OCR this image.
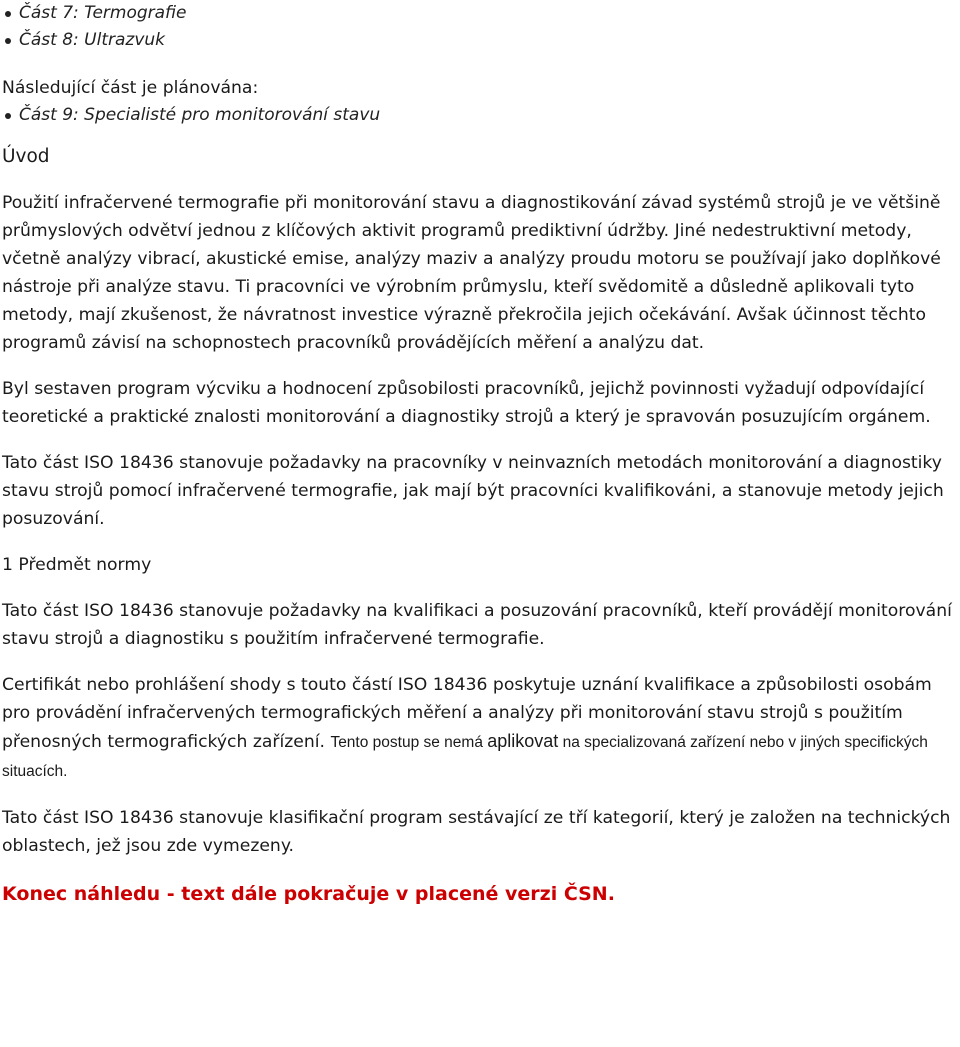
Část 7: Termografie
Část 8: Ultrazvuk

Následující část je plánována:

Část 9: Specialisté pro monitorování stavu

Úvod

Použití infračervené termografie při monitorování stavu a diagnostikování závad systémů strojů je ve většině průmyslových odvětví jednou z klíčových aktivit programů prediktivní údržby. Jiné nedestruktivní metody, včetně analýzy vibrací, akustické emise, analýzy maziv a analýzy proudu motoru se používají jako doplňkové nástroje při analýze stavu. Ti pracovníci ve výrobním průmyslu, kteří svědomitě a důsledně aplikovali tyto metody, mají zkušenost, že návratnost investice výrazně překročila jejich očekávání. Avšak účinnost těchto programů závisí na schopnostech pracovníků provádějících měření a analýzu dat.

Byl sestaven program výcviku a hodnocení způsobilosti pracovníků, jejichž povinnosti vyžadují odpovídající teoretické a praktické znalosti monitorování a diagnostiky strojů a který je spravován posuzujícím orgánem.

Tato část ISO 18436 stanovuje požadavky na pracovníky v neinvazních metodách monitorování a diagnostiky stavu strojů pomocí infračervené termografie, jak mají být pracovníci kvalifikováni, a stanovuje metody jejich posuzování.

1 Předmět normy

Tato část ISO 18436 stanovuje požadavky na kvalifikaci a posuzování pracovníků, kteří provádějí monitorování stavu strojů a diagnostiku s použitím infračervené termografie.

Certifikát nebo prohlášení shody s touto částí ISO 18436 poskytuje uznání kvalifikace a způsobilosti osobám pro provádění infračervených termografických měření a analýzy při monitorování stavu strojů s použitím
přenosných termografických zařízení. Tento postup se nemá aplikovat na specializovaná zařízení nebo v jiných specifických situacích.

Tato část ISO 18436 stanovuje klasifikační program sestávající ze tří kategorií, který je založen na technických oblastech, jež jsou zde vymezeny.

Konec náhledu - text dále pokračuje v placené verzi ČSN.
